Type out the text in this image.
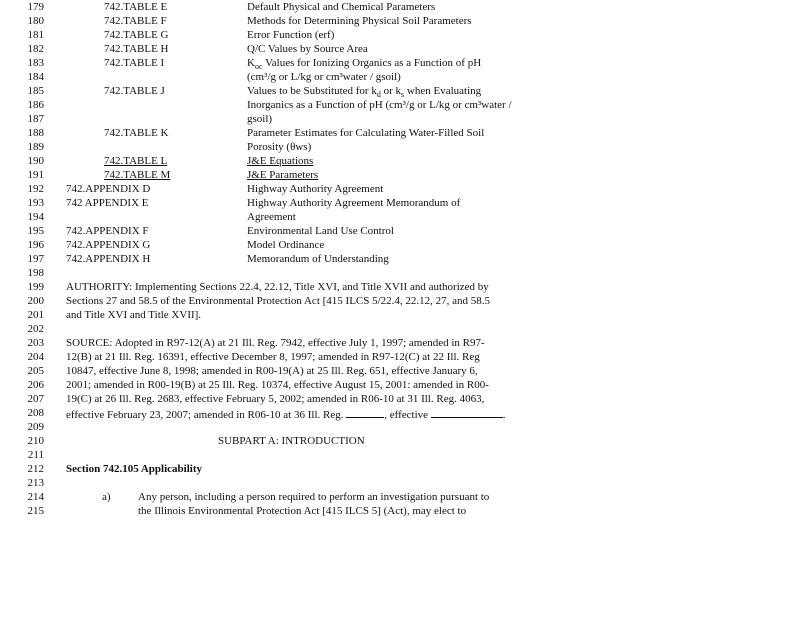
179
180
181
182
183
184
185
186
187
188
189
190
191
192
193
194
195
196
197
198
199
200
201
202
203
204
205
206
207
208
209
210
211
212
213
214
215
742.TABLE E	Default Physical and Chemical Parameters
742.TABLE F	Methods for Determining Physical Soil Parameters
742.TABLE G	Error Function (erf)
742.TABLE H	Q/C Values by Source Area
742.TABLE I	$K_{oc}$ Values for Ionizing Organics as a Function of pH
(cm³/g or L/kg or cm³water / gsoil)
742.TABLE J	Values to be Substituted for $k_d$ or $k_s$ when Evaluating
Inorganics as a Function of pH (cm³/g or L/kg or cm³water /
gsoil)
742.TABLE K	Parameter Estimates for Calculating Water-Filled Soil
Porosity (θws)
742.TABLE L	J&E Equations
742.TABLE M	J&E Parameters
742.APPENDIX D	Highway Authority Agreement
742 APPENDIX E	Highway Authority Agreement Memorandum of
Agreement
742.APPENDIX F	Environmental Land Use Control
742.APPENDIX G	Model Ordinance
742.APPENDIX H	Memorandum of Understanding
AUTHORITY: Implementing Sections 22.4, 22.12, Title XVI, and Title XVII and authorized by
Sections 27 and 58.5 of the Environmental Protection Act [415 ILCS 5/22.4, 22.12, 27, and 58.5
and Title XVI and Title XVII].
SOURCE: Adopted in R97-12(A) at 21 Ill. Reg. 7942, effective July 1, 1997; amended in R97-
12(B) at 21 Ill. Reg. 16391, effective December 8, 1997; amended in R97-12(C) at 22 Ill. Reg
10847, effective June 8, 1998; amended in R00-19(A) at 25 Ill. Reg. 651, effective January 6,
2001; amended in R00-19(B) at 25 Ill. Reg. 10374, effective August 15, 2001: amended in R00-
19(C) at 26 Ill. Reg. 2683, effective February 5, 2002; amended in R06-10 at 31 Ill. Reg. 4063,
effective February 23, 2007; amended in R06-10 at 36 Ill. Reg.	, effective	.
SUBPART A: INTRODUCTION
Section 742.105 Applicability
a) Any person, including a person required to perform an investigation pursuant to
the Illinois Environmental Protection Act [415 ILCS 5] (Act), may elect to
